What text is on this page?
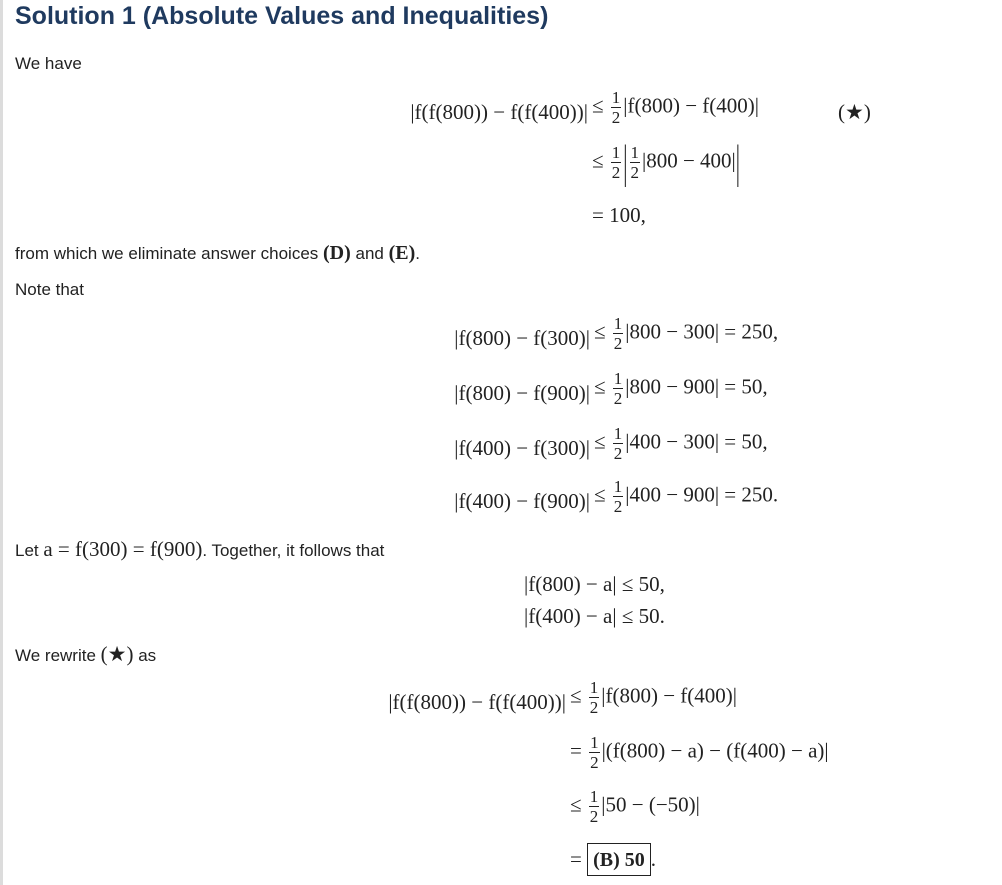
Solution 1 (Absolute Values and Inequalities)

We have

$|f(f(800)) - f(f(400))| \le \frac{1}{2} |f(800) - f(400)|$	(★)
≤ $\frac{1}{2}$ | $\frac{1}{2} |800 - 400||$
= 100,

from which we eliminate answer choices (D) and (E).

Note that

$|f(800) - f(300)| \le \frac{1}{2} |800 - 300| = 250$,
$|f(800) - f(900)| \le \frac{1}{2} |800 - 900| = 50$,
$|f(400) - f(300)| \le \frac{1}{2} |400 - 300| = 50$,
$|f(400) - f(900)| \le \frac{1}{2} |400 - 900| = 250$.

Let a = f(300) = f(900). Together, it follows that

|f(800) − a| ≤ 50,
|f(400) − a| ≤ 50.

We rewrite (★) as

$|f(f(800)) - f(f(400))| \le \frac{1}{2} |f(800) - f(400)|$
= $\frac{1}{2} |(f(800) - a) - (f(400) - a)|$
≤ $\frac{1}{2} |50 - (-50)|$
= (B) 50 .
